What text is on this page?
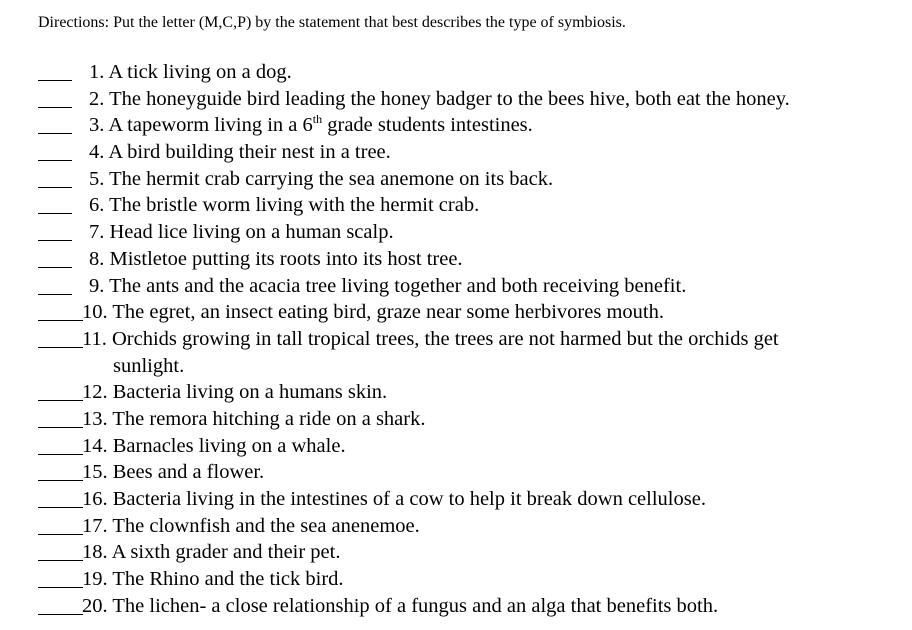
Directions: Put the letter (M,C,P) by the statement that best describes the type of symbiosis.
1. A tick living on a dog.
2. The honeyguide bird leading the honey badger to the bees hive, both eat the honey.
3. A tapeworm living in a 6th grade students intestines.
4. A bird building their nest in a tree.
5. The hermit crab carrying the sea anemone on its back.
6. The bristle worm living with the hermit crab.
7. Head lice living on a human scalp.
8. Mistletoe putting its roots into its host tree.
9. The ants and the acacia tree living together and both receiving benefit.
10. The egret, an insect eating bird, graze near some herbivores mouth.
11. Orchids growing in tall tropical trees, the trees are not harmed but the orchids get
sunlight.
12. Bacteria living on a humans skin.
13. The remora hitching a ride on a shark.
14. Barnacles living on a whale.
15. Bees and a flower.
16. Bacteria living in the intestines of a cow to help it break down cellulose.
17. The clownfish and the sea anenemoe.
18. A sixth grader and their pet.
19. The Rhino and the tick bird.
20. The lichen- a close relationship of a fungus and an alga that benefits both.
